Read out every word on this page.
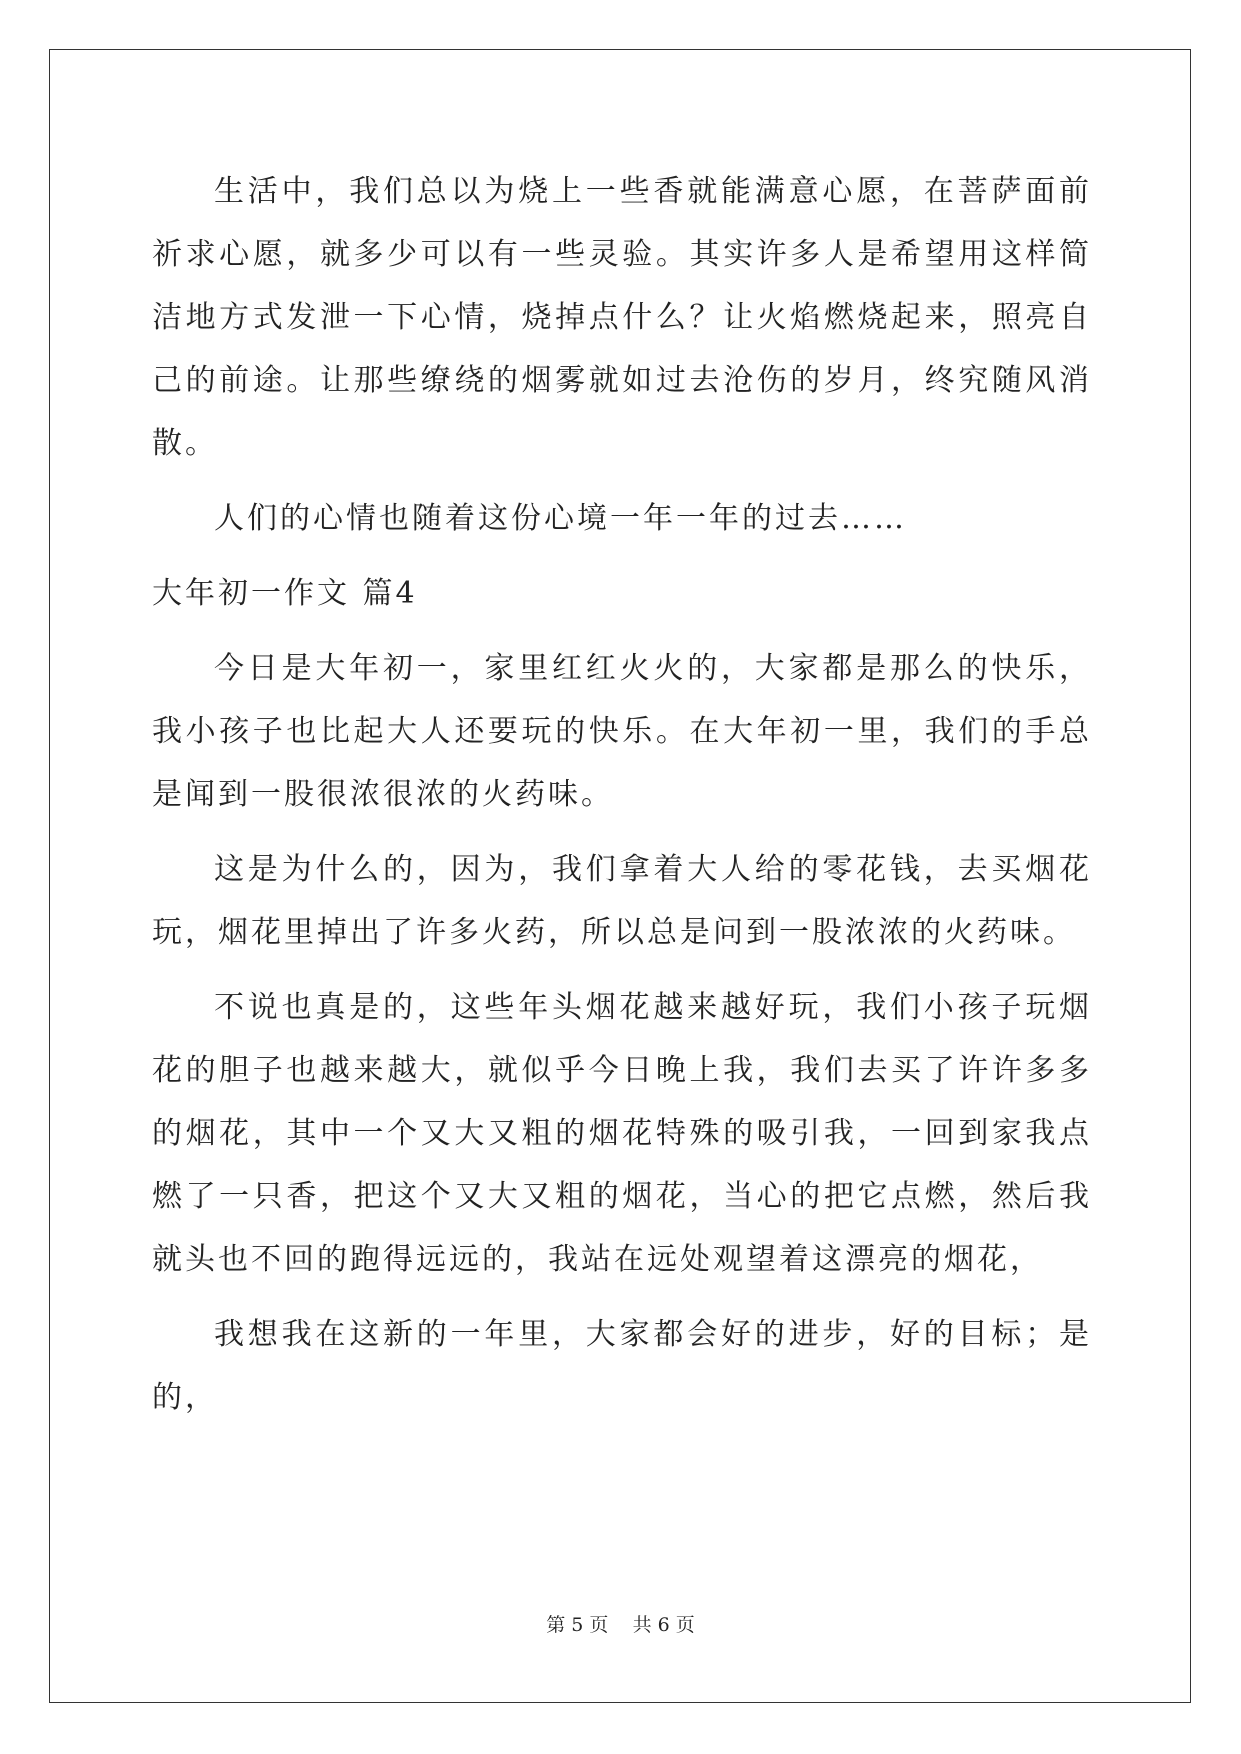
生活中，我们总以为烧上一些香就能满意心愿，在菩萨面前祈求心愿，就多少可以有一些灵验。其实许多人是希望用这样简洁地方式发泄一下心情，烧掉点什么？让火焰燃烧起来，照亮自己的前途。让那些缭绕的烟雾就如过去沧伤的岁月，终究随风消散。

人们的心情也随着这份心境一年一年的过去……

大年初一作文 篇4

今日是大年初一，家里红红火火的，大家都是那么的快乐，我小孩子也比起大人还要玩的快乐。在大年初一里，我们的手总是闻到一股很浓很浓的火药味。

这是为什么的，因为，我们拿着大人给的零花钱，去买烟花玩，烟花里掉出了许多火药，所以总是问到一股浓浓的火药味。

不说也真是的，这些年头烟花越来越好玩，我们小孩子玩烟花的胆子也越来越大，就似乎今日晚上我，我们去买了许许多多的烟花，其中一个又大又粗的烟花特殊的吸引我，一回到家我点燃了一只香，把这个又大又粗的烟花，当心的把它点燃，然后我就头也不回的跑得远远的，我站在远处观望着这漂亮的烟花，

我想我在这新的一年里，大家都会好的进步，好的目标；是的，

第 5 页 共 6 页
